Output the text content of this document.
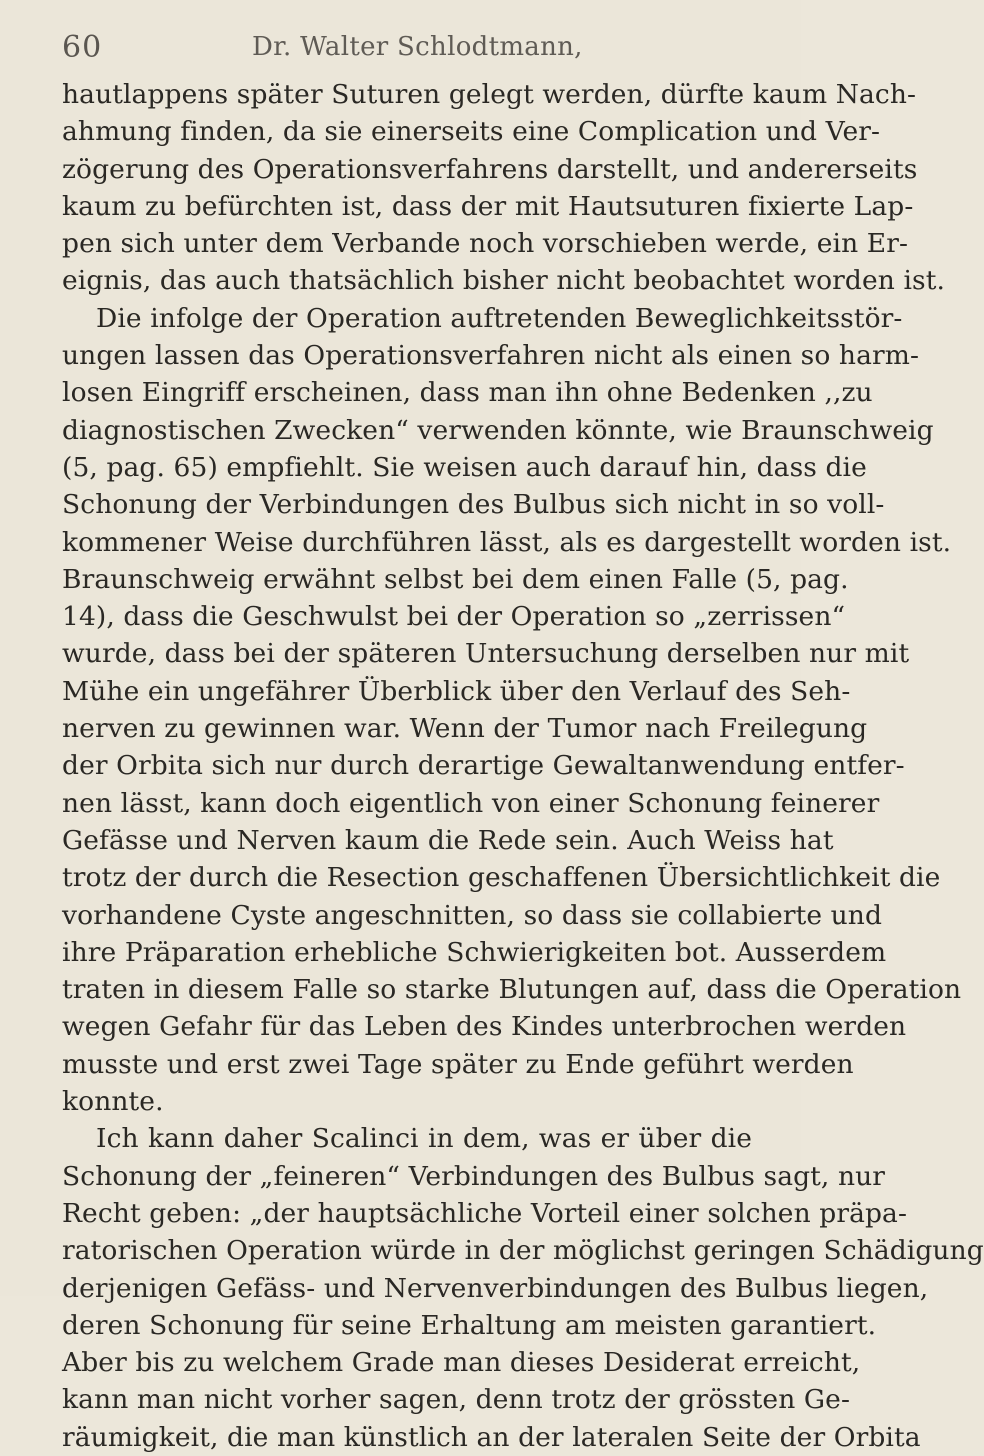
60	Dr. Walter Schlodtmann,
hautlappens später Suturen gelegt werden, dürfte kaum Nach-
ahmung finden, da sie einerseits eine Complication und Ver-
zögerung des Operationsverfahrens darstellt, und andererseits
kaum zu befürchten ist, dass der mit Hautsuturen fixierte Lap-
pen sich unter dem Verbande noch vorschieben werde, ein Er-
eignis, das auch thatsächlich bisher nicht beobachtet worden ist.
Die infolge der Operation auftretenden Beweglichkeitsstör-
ungen lassen das Operationsverfahren nicht als einen so harm-
losen Eingriff erscheinen, dass man ihn ohne Bedenken ,,zu
diagnostischen Zwecken“ verwenden könnte, wie Braunschweig
(5, pag. 65) empfiehlt. Sie weisen auch darauf hin, dass die
Schonung der Verbindungen des Bulbus sich nicht in so voll-
kommener Weise durchführen lässt, als es dargestellt worden ist.
Braunschweig erwähnt selbst bei dem einen Falle (5, pag.
14), dass die Geschwulst bei der Operation so „zerrissen“
wurde, dass bei der späteren Untersuchung derselben nur mit
Mühe ein ungefährer Überblick über den Verlauf des Seh-
nerven zu gewinnen war. Wenn der Tumor nach Freilegung
der Orbita sich nur durch derartige Gewaltanwendung entfer-
nen lässt, kann doch eigentlich von einer Schonung feinerer
Gefässe und Nerven kaum die Rede sein. Auch Weiss hat
trotz der durch die Resection geschaffenen Übersichtlichkeit die
vorhandene Cyste angeschnitten, so dass sie collabierte und
ihre Präparation erhebliche Schwierigkeiten bot. Ausserdem
traten in diesem Falle so starke Blutungen auf, dass die Operation
wegen Gefahr für das Leben des Kindes unterbrochen werden
musste und erst zwei Tage später zu Ende geführt werden
konnte.
Ich kann daher Scalinci in dem, was er über die
Schonung der „feineren“ Verbindungen des Bulbus sagt, nur
Recht geben: „der hauptsächliche Vorteil einer solchen präpa-
ratorischen Operation würde in der möglichst geringen Schädigung
derjenigen Gefäss- und Nervenverbindungen des Bulbus liegen,
deren Schonung für seine Erhaltung am meisten garantiert.
Aber bis zu welchem Grade man dieses Desiderat erreicht,
kann man nicht vorher sagen, denn trotz der grössten Ge-
räumigkeit, die man künstlich an der lateralen Seite der Orbita
